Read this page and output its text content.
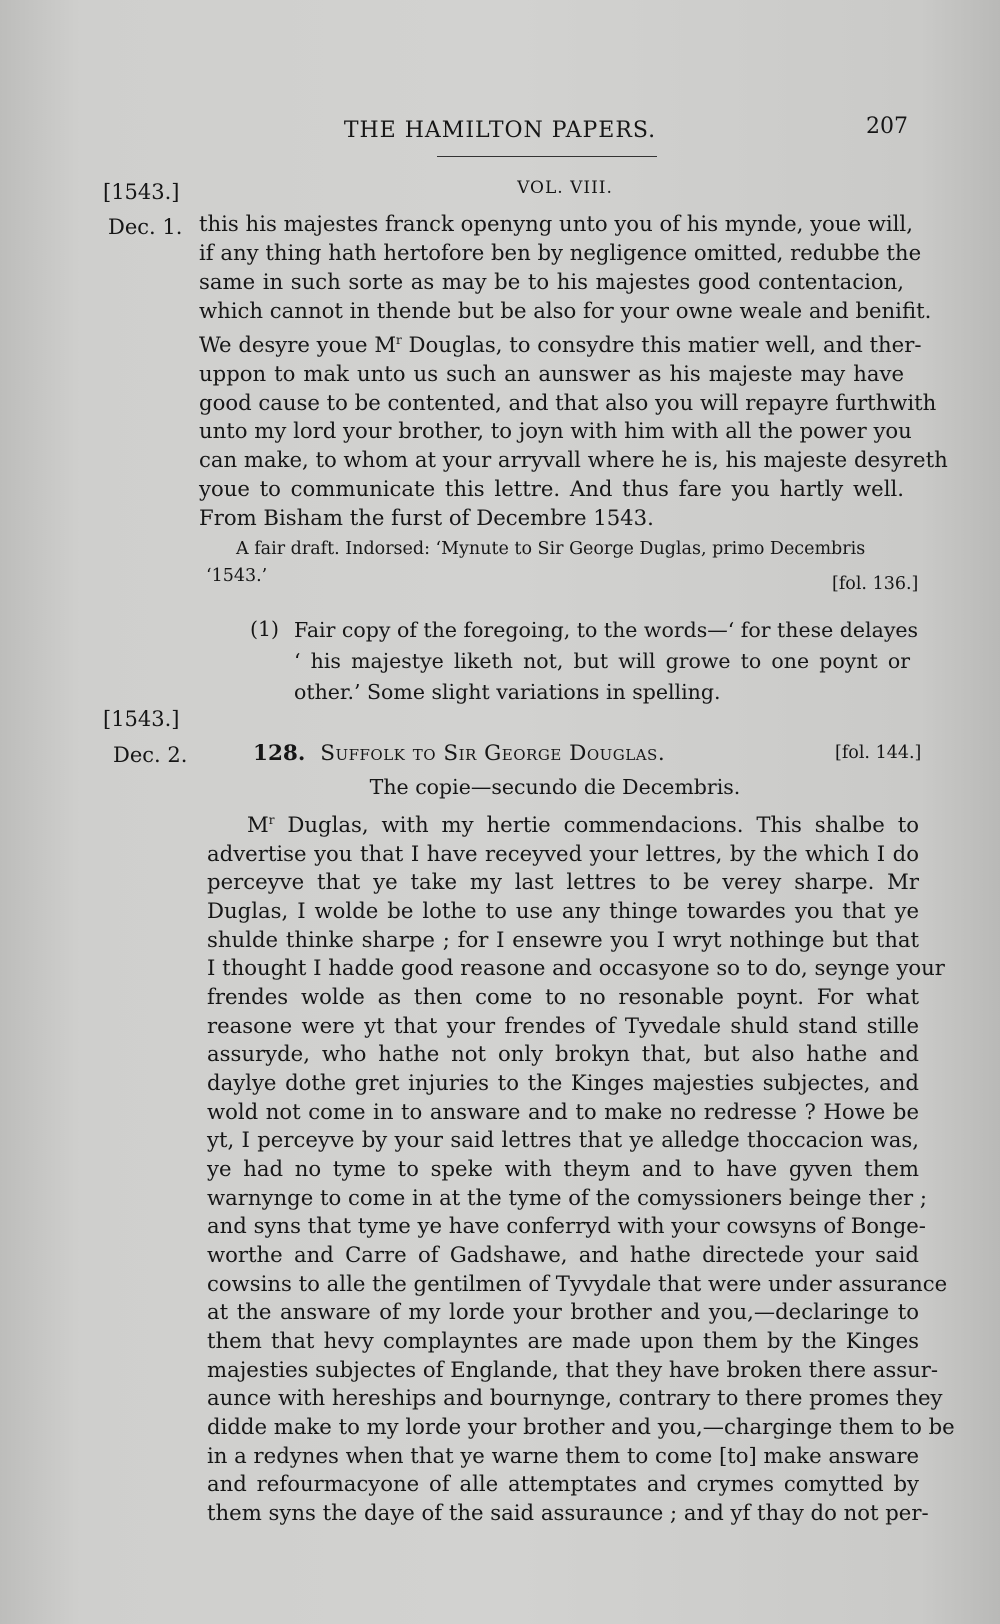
THE HAMILTON PAPERS.	207
[1543.]	VOL. VIII.
Dec. 1. this his majestes franck openyng unto you of his mynde, youe will,
if any thing hath hertofore ben by negligence omitted, redubbe the
same in such sorte as may be to his majestes good contentacion,
which cannot in thende but be also for your owne weale and benifit.
We desyre youe $M^r$ Douglas, to consydre this matier well, and ther-
uppon to mak unto us such an aunswer as his majeste may have
good cause to be contented, and that also you will repayre furthwith
unto my lord your brother, to joyn with him with all the power you
can make, to whom at your arryvall where he is, his majeste desyreth
youe to communicate this lettre. And thus fare you hartly well.
From Bisham the furst of Decembre 1543.
A fair draft. Indorsed: ‘Mynute to Sir George Duglas, primo Decembris
‘1543.’	[fol. 136.]
(1) Fair copy of the foregoing, to the words—‘ for these delayes
‘ his majestye liketh not, but will growe to one poynt or
other.’ Some slight variations in spelling.
[1543.]
Dec. 2.	128. Suffolk to Sir George Douglas.	[fol. 144.]
The copie—secundo die Decembris.
$M^r$ Duglas, with my hertie commendacions. This shalbe to
advertise you that I have receyved your lettres, by the which I do
perceyve that ye take my last lettres to be verey sharpe. Mr
Duglas, I wolde be lothe to use any thinge towardes you that ye
shulde thinke sharpe ; for I ensewre you I wryt nothinge but that
I thought I hadde good reasone and occasyone so to do, seynge your
frendes wolde as then come to no resonable poynt. For what
reasone were yt that your frendes of Tyvedale shuld stand stille
assuryde, who hathe not only brokyn that, but also hathe and
daylye dothe gret injuries to the Kinges majesties subjectes, and
wold not come in to answare and to make no redresse ? Howe be
yt, I perceyve by your said lettres that ye alledge thoccacion was,
ye had no tyme to speke with theym and to have gyven them
warnynge to come in at the tyme of the comyssioners beinge ther ;
and syns that tyme ye have conferryd with your cowsyns of Bonge-
worthe and Carre of Gadshawe, and hathe directede your said
cowsins to alle the gentilmen of Tyvydale that were under assurance
at the answare of my lorde your brother and you,—declaringe to
them that hevy complayntes are made upon them by the Kinges
majesties subjectes of Englande, that they have broken there assur-
aunce with hereships and bournynge, contrary to there promes they
didde make to my lorde your brother and you,—charginge them to be
in a redynes when that ye warne them to come [to] make answare
and refourmacyone of alle attemptates and crymes comytted by
them syns the daye of the said assuraunce ; and yf thay do not per-
